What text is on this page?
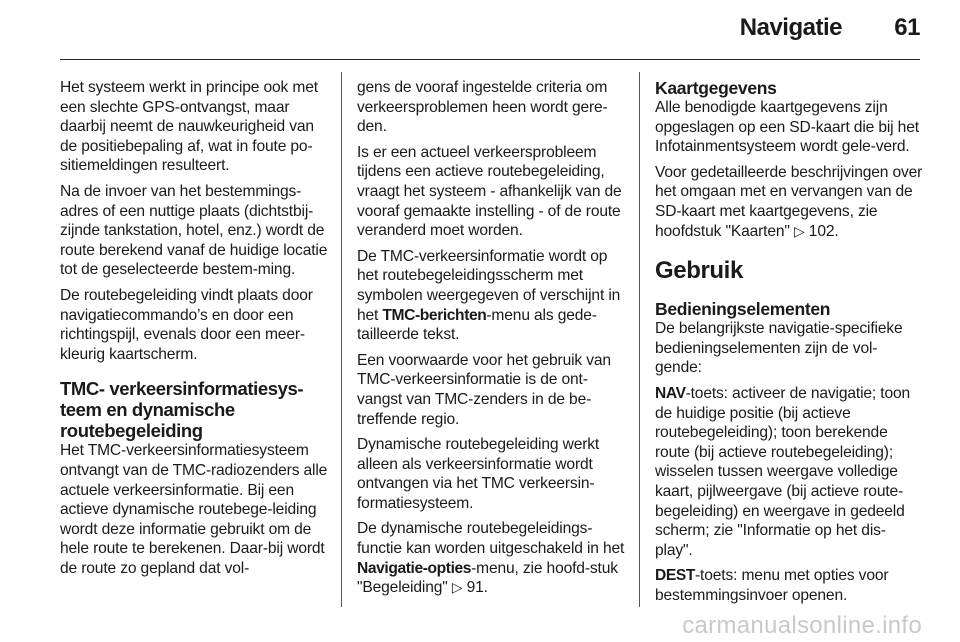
Navigatie 61

Het systeem werkt in principe ook met een slechte GPS-ontvangst, maar daarbij neemt de nauwkeurigheid van de positiebepaling af, wat in foute po-sitiemeldingen resulteert.

Na de invoer van het bestemmings-adres of een nuttige plaats (dichtstbij-zijnde tankstation, hotel, enz.) wordt de route berekend vanaf de huidige locatie tot de geselecteerde bestem-ming.

De routebegeleiding vindt plaats door navigatiecommando’s en door een richtingspijl, evenals door een meer-kleurig kaartscherm.

TMC- verkeersinformatiesys-teem en dynamische routebegeleiding

Het TMC-verkeersinformatiesysteem ontvangt van de TMC-radiozenders alle actuele verkeersinformatie. Bij een actieve dynamische routebege-leiding wordt deze informatie gebruikt om de hele route te berekenen. Daar-bij wordt de route zo gepland dat vol-

gens de vooraf ingestelde criteria om verkeersproblemen heen wordt gere-den.

Is er een actueel verkeersprobleem tijdens een actieve routebegeleiding, vraagt het systeem - afhankelijk van de vooraf gemaakte instelling - of de route veranderd moet worden.

De TMC-verkeersinformatie wordt op het routebegeleidingsscherm met symbolen weergegeven of verschijnt in het TMC-berichten-menu als gede-tailleerde tekst.

Een voorwaarde voor het gebruik van TMC-verkeersinformatie is de ont-vangst van TMC-zenders in de be-treffende regio.

Dynamische routebegeleiding werkt alleen als verkeersinformatie wordt ontvangen via het TMC verkeersin-formatiesysteem.

De dynamische routebegeleidings-functie kan worden uitgeschakeld in het Navigatie-opties-menu, zie hoofd-stuk "Begeleiding" ▷ 91.

Kaartgegevens

Alle benodigde kaartgegevens zijn opgeslagen op een SD-kaart die bij het Infotainmentsysteem wordt gele-verd.

Voor gedetailleerde beschrijvingen over het omgaan met en vervangen van de SD-kaart met kaartgegevens, zie hoofdstuk "Kaarten" ▷ 102.

Gebruik
Bedieningselementen

De belangrijkste navigatie-specifieke bedieningselementen zijn de vol-gende:

NAV-toets: activeer de navigatie; toon de huidige positie (bij actieve routebegeleiding); toon berekende route (bij actieve routebegeleiding); wisselen tussen weergave volledige kaart, pijlweergave (bij actieve route-begeleiding) en weergave in gedeeld scherm; zie "Informatie op het dis-play".

DEST-toets: menu met opties voor bestemmingsinvoer openen.

carmanualsonline.info
